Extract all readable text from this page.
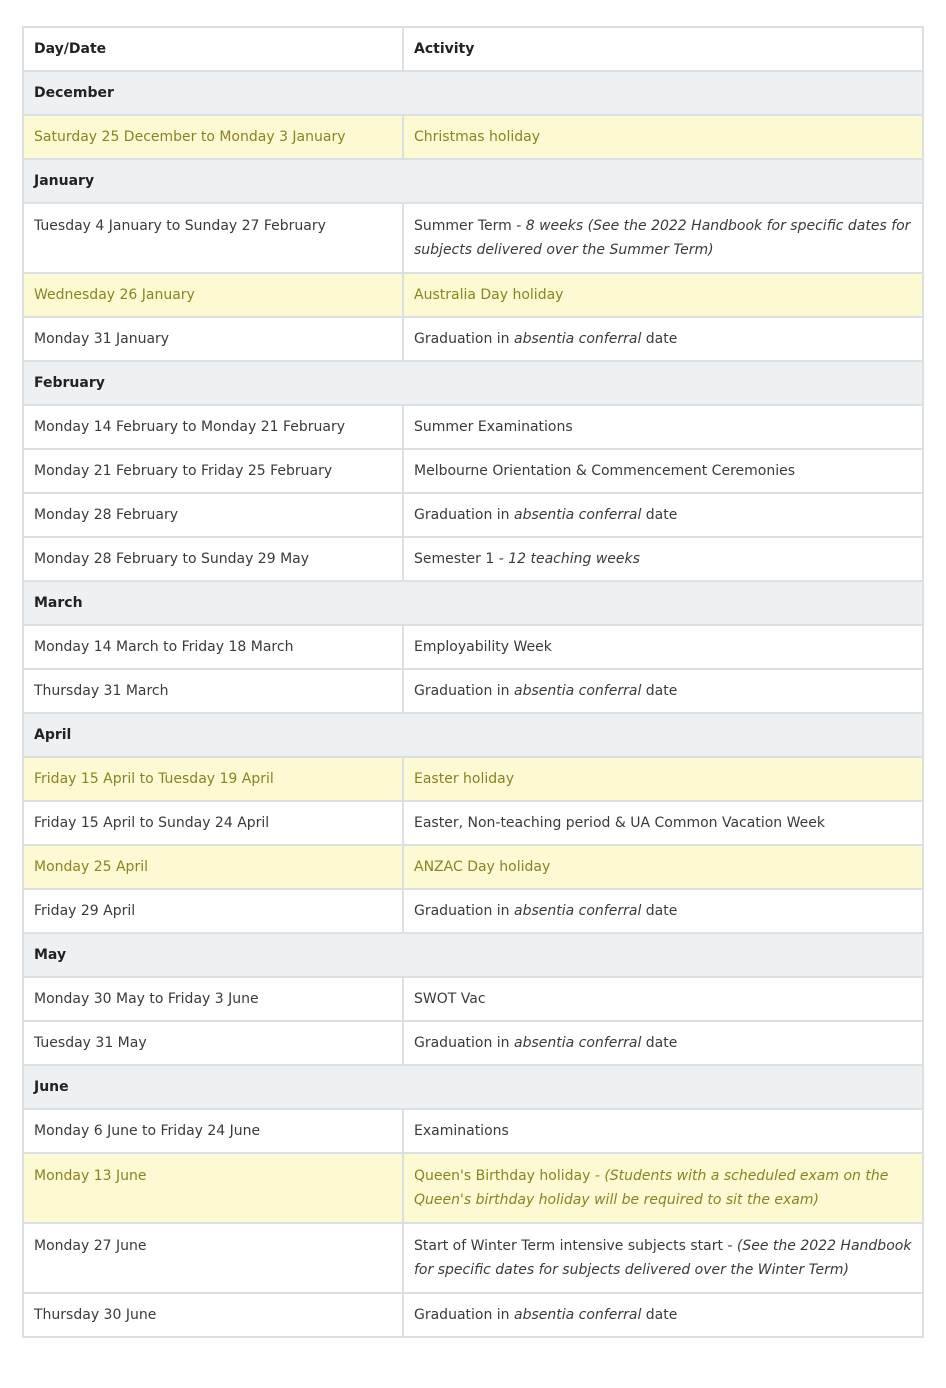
Day/Date	Activity
December	
Saturday 25 December to Monday 3 January	Christmas holiday
January	
Tuesday 4 January to Sunday 27 February	Summer Term - 8 weeks (See the 2022 Handbook for specific dates for subjects delivered over the Summer Term)
Wednesday 26 January	Australia Day holiday
Monday 31 January	Graduation in absentia conferral date
February	
Monday 14 February to Monday 21 February	Summer Examinations
Monday 21 February to Friday 25 February	Melbourne Orientation & Commencement Ceremonies
Monday 28 February	Graduation in absentia conferral date
Monday 28 February to Sunday 29 May	Semester 1 - 12 teaching weeks
March	
Monday 14 March to Friday 18 March	Employability Week
Thursday 31 March	Graduation in absentia conferral date
April	
Friday 15 April to Tuesday 19 April	Easter holiday
Friday 15 April to Sunday 24 April	Easter, Non-teaching period & UA Common Vacation Week
Monday 25 April	ANZAC Day holiday
Friday 29 April	Graduation in absentia conferral date
May	
Monday 30 May to Friday 3 June	SWOT Vac
Tuesday 31 May	Graduation in absentia conferral date
June	
Monday 6 June to Friday 24 June	Examinations
Monday 13 June	Queen's Birthday holiday - (Students with a scheduled exam on the Queen's birthday holiday will be required to sit the exam)
Monday 27 June	Start of Winter Term intensive subjects start - (See the 2022 Handbook for specific dates for subjects delivered over the Winter Term)
Thursday 30 June	Graduation in absentia conferral date
